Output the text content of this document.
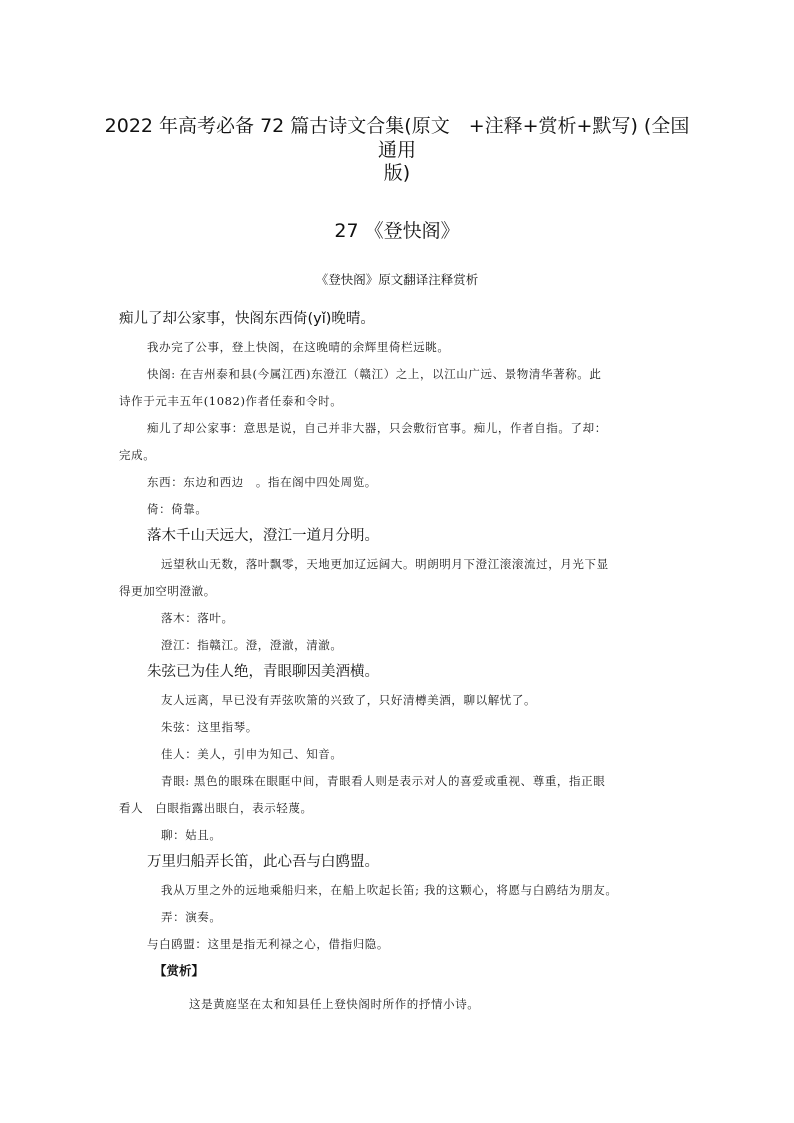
2022 年高考必备 72 篇古诗文合集(原文　+注释+赏析+默写) (全国通用
版)
27 《登快阁》
《登快阁》原文翻译注释赏析
痴儿了却公家事，快阁东西倚(yǐ)晚晴。
我办完了公事，登上快阁，在这晚晴的余辉里倚栏远眺。
快阁: 在吉州泰和县(今属江西)东澄江（赣江）之上，以江山广远、景物清华著称。此
诗作于元丰五年(1082)作者任泰和令时。
痴儿了却公家事：意思是说，自己并非大器，只会敷衍官事。痴儿，作者自指。了却：
完成。
东西：东边和西边　。指在阁中四处周览。
倚：倚靠。
落木千山天远大，澄江一道月分明。
远望秋山无数，落叶飘零，天地更加辽远阔大。明朗明月下澄江滚滚流过，月光下显
得更加空明澄澈。
落木：落叶。
澄江：指赣江。澄，澄澈，清澈。
朱弦已为佳人绝，青眼聊因美酒横。
友人远离，早已没有弄弦吹箫的兴致了，只好清樽美酒，聊以解忧了。
朱弦：这里指琴。
佳人：美人，引申为知己、知音。
青眼: 黑色的眼珠在眼眶中间，青眼看人则是表示对人的喜爱或重视、尊重，指正眼
看人　白眼指露出眼白，表示轻蔑。
聊：姑且。
万里归船弄长笛，此心吾与白鸥盟。
我从万里之外的远地乘船归来，在船上吹起长笛; 我的这颗心，将愿与白鸥结为朋友。
弄：演奏。
与白鸥盟：这里是指无利禄之心，借指归隐。
【赏析】
这是黄庭坚在太和知县任上登快阁时所作的抒情小诗。
